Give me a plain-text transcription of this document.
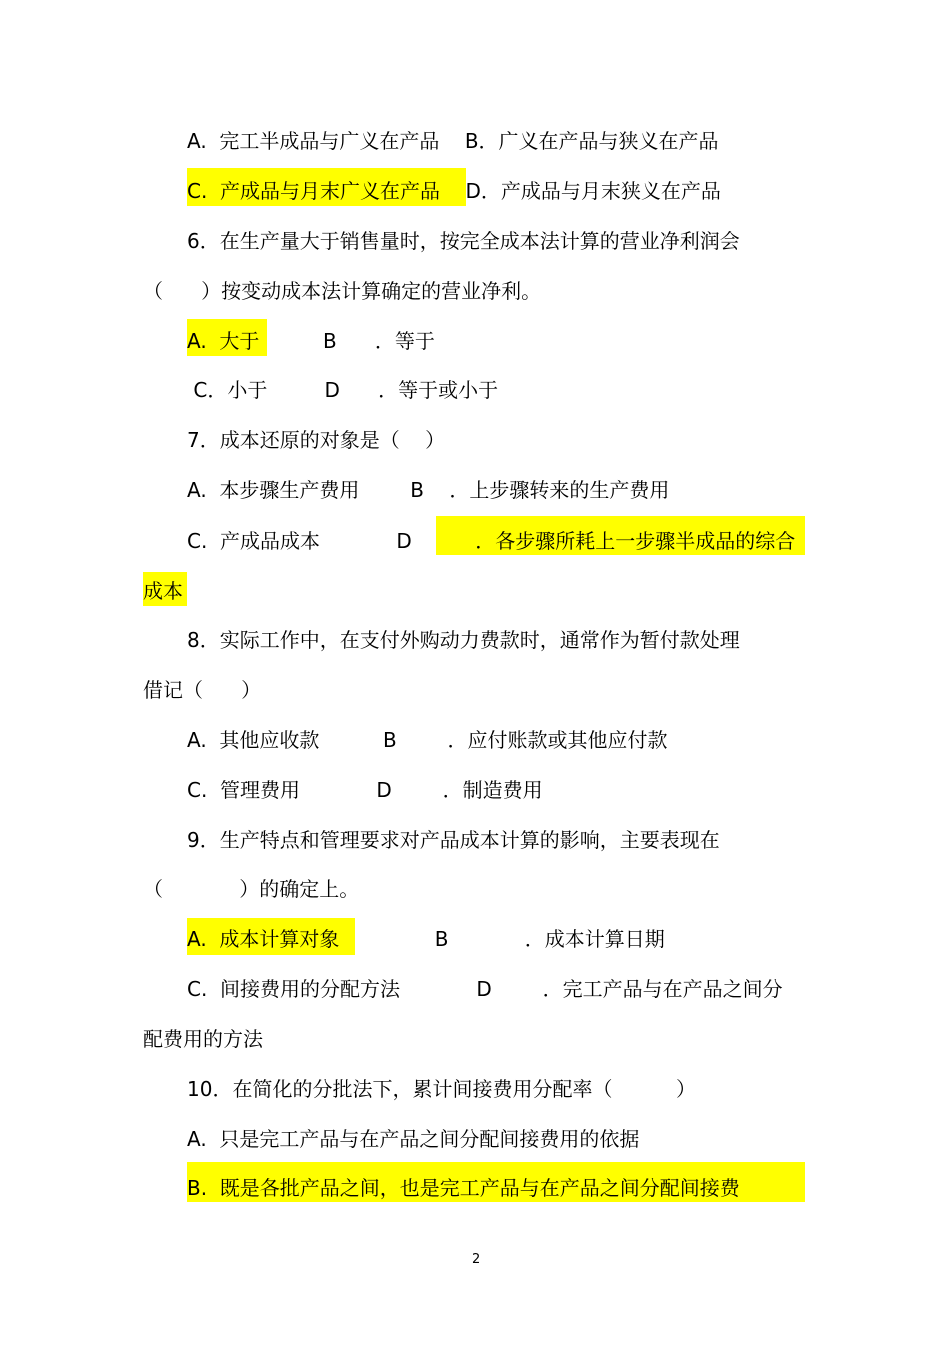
A.  完工半成品与广义在产品    B．广义在产品与狭义在产品

C.  产成品与月末广义在产品    D．产成品与月末狭义在产品

6．在生产量大于销售量时，按完全成本法计算的营业净利润会

（      ）按变动成本法计算确定的营业净利。

A.  大于          B      ．等于

C．小于         D      ．等于或小于

7．成本还原的对象是（    ）

A.  本步骤生产费用        B    ．上步骤转来的生产费用

C.  产成品成本            D          ．各步骤所耗上一步骤半成品的综合

成本

8．实际工作中，在支付外购动力费款时，通常作为暂付款处理

借记（      ）

A.  其他应收款          B        ．应付账款或其他应付款

C.  管理费用            D        ．制造费用

9．生产特点和管理要求对产品成本计算的影响，主要表现在

（            ）的确定上。

A.  成本计算对象               B            ．成本计算日期

C.  间接费用的分配方法            D        ．完工产品与在产品之间分

配费用的方法

10．在简化的分批法下，累计间接费用分配率（          ）

A.  只是完工产品与在产品之间分配间接费用的依据

B.  既是各批产品之间，也是完工产品与在产品之间分配间接费

2
